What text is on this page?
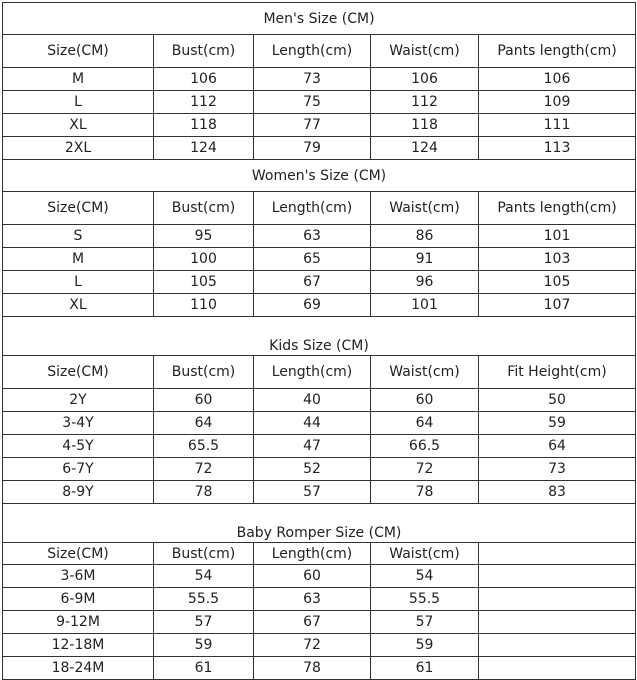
Men's Size (CM)				
Size(CM)	Bust(cm)	Length(cm)	Waist(cm)	Pants length(cm)
M	106	73	106	106
L	112	75	112	109
XL	118	77	118	111
2XL	124	79	124	113
Women's Size (CM)				
Size(CM)	Bust(cm)	Length(cm)	Waist(cm)	Pants length(cm)
S	95	63	86	101
M	100	65	91	103
L	105	67	96	105
XL	110	69	101	107
Kids Size (CM)				
Size(CM)	Bust(cm)	Length(cm)	Waist(cm)	Fit Height(cm)
2Y	60	40	60	50
3-4Y	64	44	64	59
4-5Y	65.5	47	66.5	64
6-7Y	72	52	72	73
8-9Y	78	57	78	83
Baby Romper Size (CM)				
Size(CM)	Bust(cm)	Length(cm)	Waist(cm)	
3-6M	54	60	54	
6-9M	55.5	63	55.5	
9-12M	57	67	57	
12-18M	59	72	59	
18-24M	61	78	61	
